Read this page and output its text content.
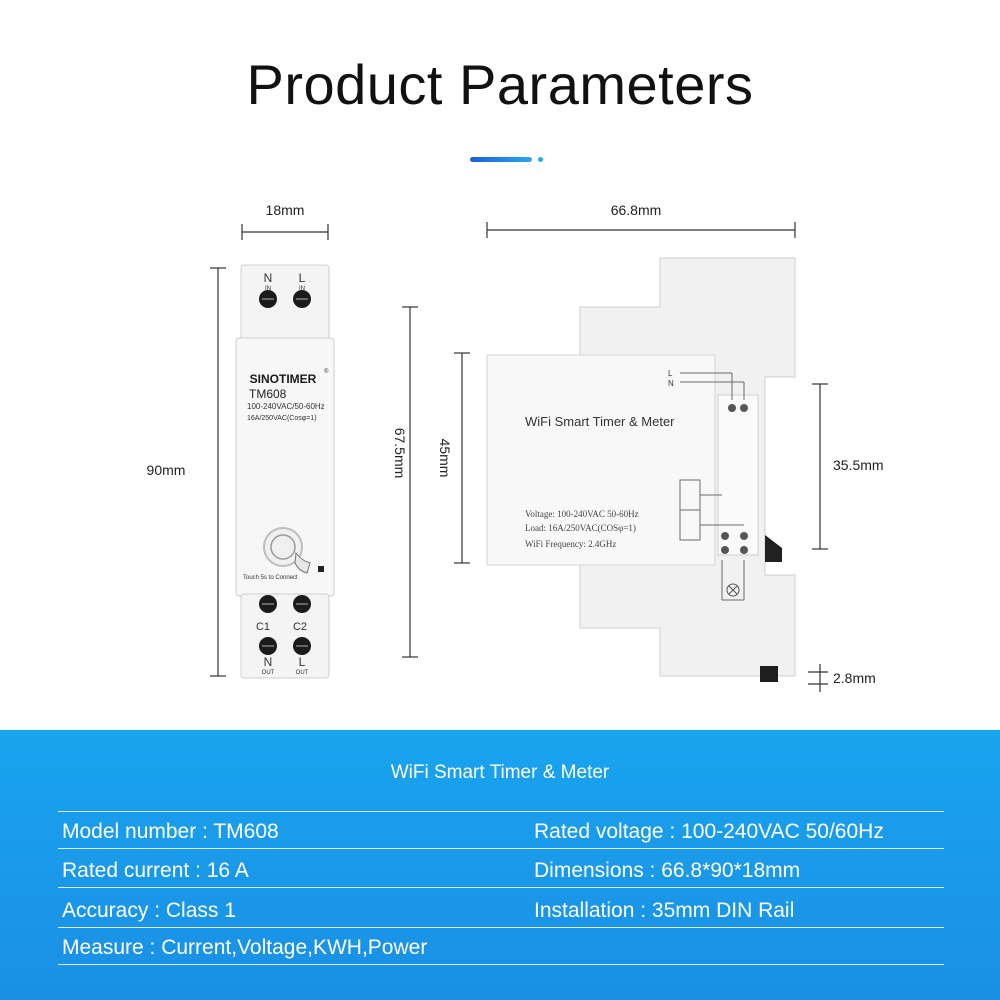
Product Parameters
18mm
90mm
N L
IN	IN
SINOTIMER ®
TM608
100-240VAC/50-60Hz
16A/250VAC(Cosφ=1)
Touch 5s to Connect
C1 C2
N L
OUT	OUT
66.8mm
67.5mm 45mm	35.5mm
2.8mm
L
N
WiFi Smart Timer & Meter
Voltage: 100-240VAC 50-60Hz
Load: 16A/250VAC(COSφ=1)
WiFi Frequency: 2.4GHz
WiFi Smart Timer & Meter
Model number : TM608	Rated voltage : 100-240VAC 50/60Hz
Rated current : 16 A	Dimensions : 66.8*90*18mm
Accuracy : Class 1	Installation : 35mm DIN Rail
Measure : Current,Voltage,KWH,Power
